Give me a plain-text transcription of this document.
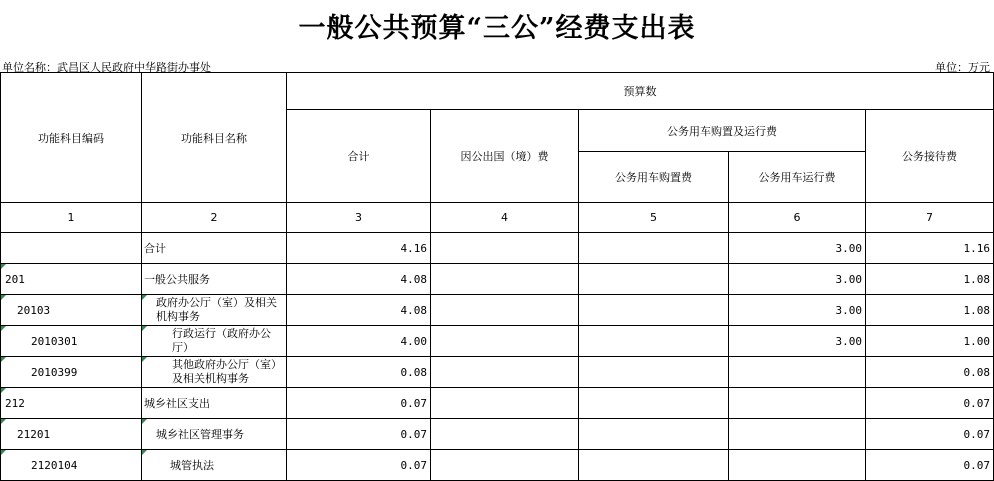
一般公共预算“三公”经费支出表
单位名称：武昌区人民政府中华路街办事处	单位：万元
功能科目编码	功能科目名称	预算数				
		合计	因公出国（境）费	公务用车购置及运行费		公务接待费
				公务用车购置费	公务用车运行费	
1	2	3	4	5	6	7
	合计	4.16			3.00	1.16
201	一般公共服务	4.08			3.00	1.08
20103	政府办公厅（室）及相关机构事务	4.08			3.00	1.08
2010301	行政运行（政府办公厅）	4.00			3.00	1.00
2010399	其他政府办公厅（室）及相关机构事务	0.08				0.08
212	城乡社区支出	0.07				0.07
21201	城乡社区管理事务	0.07				0.07
2120104	城管执法	0.07				0.07
